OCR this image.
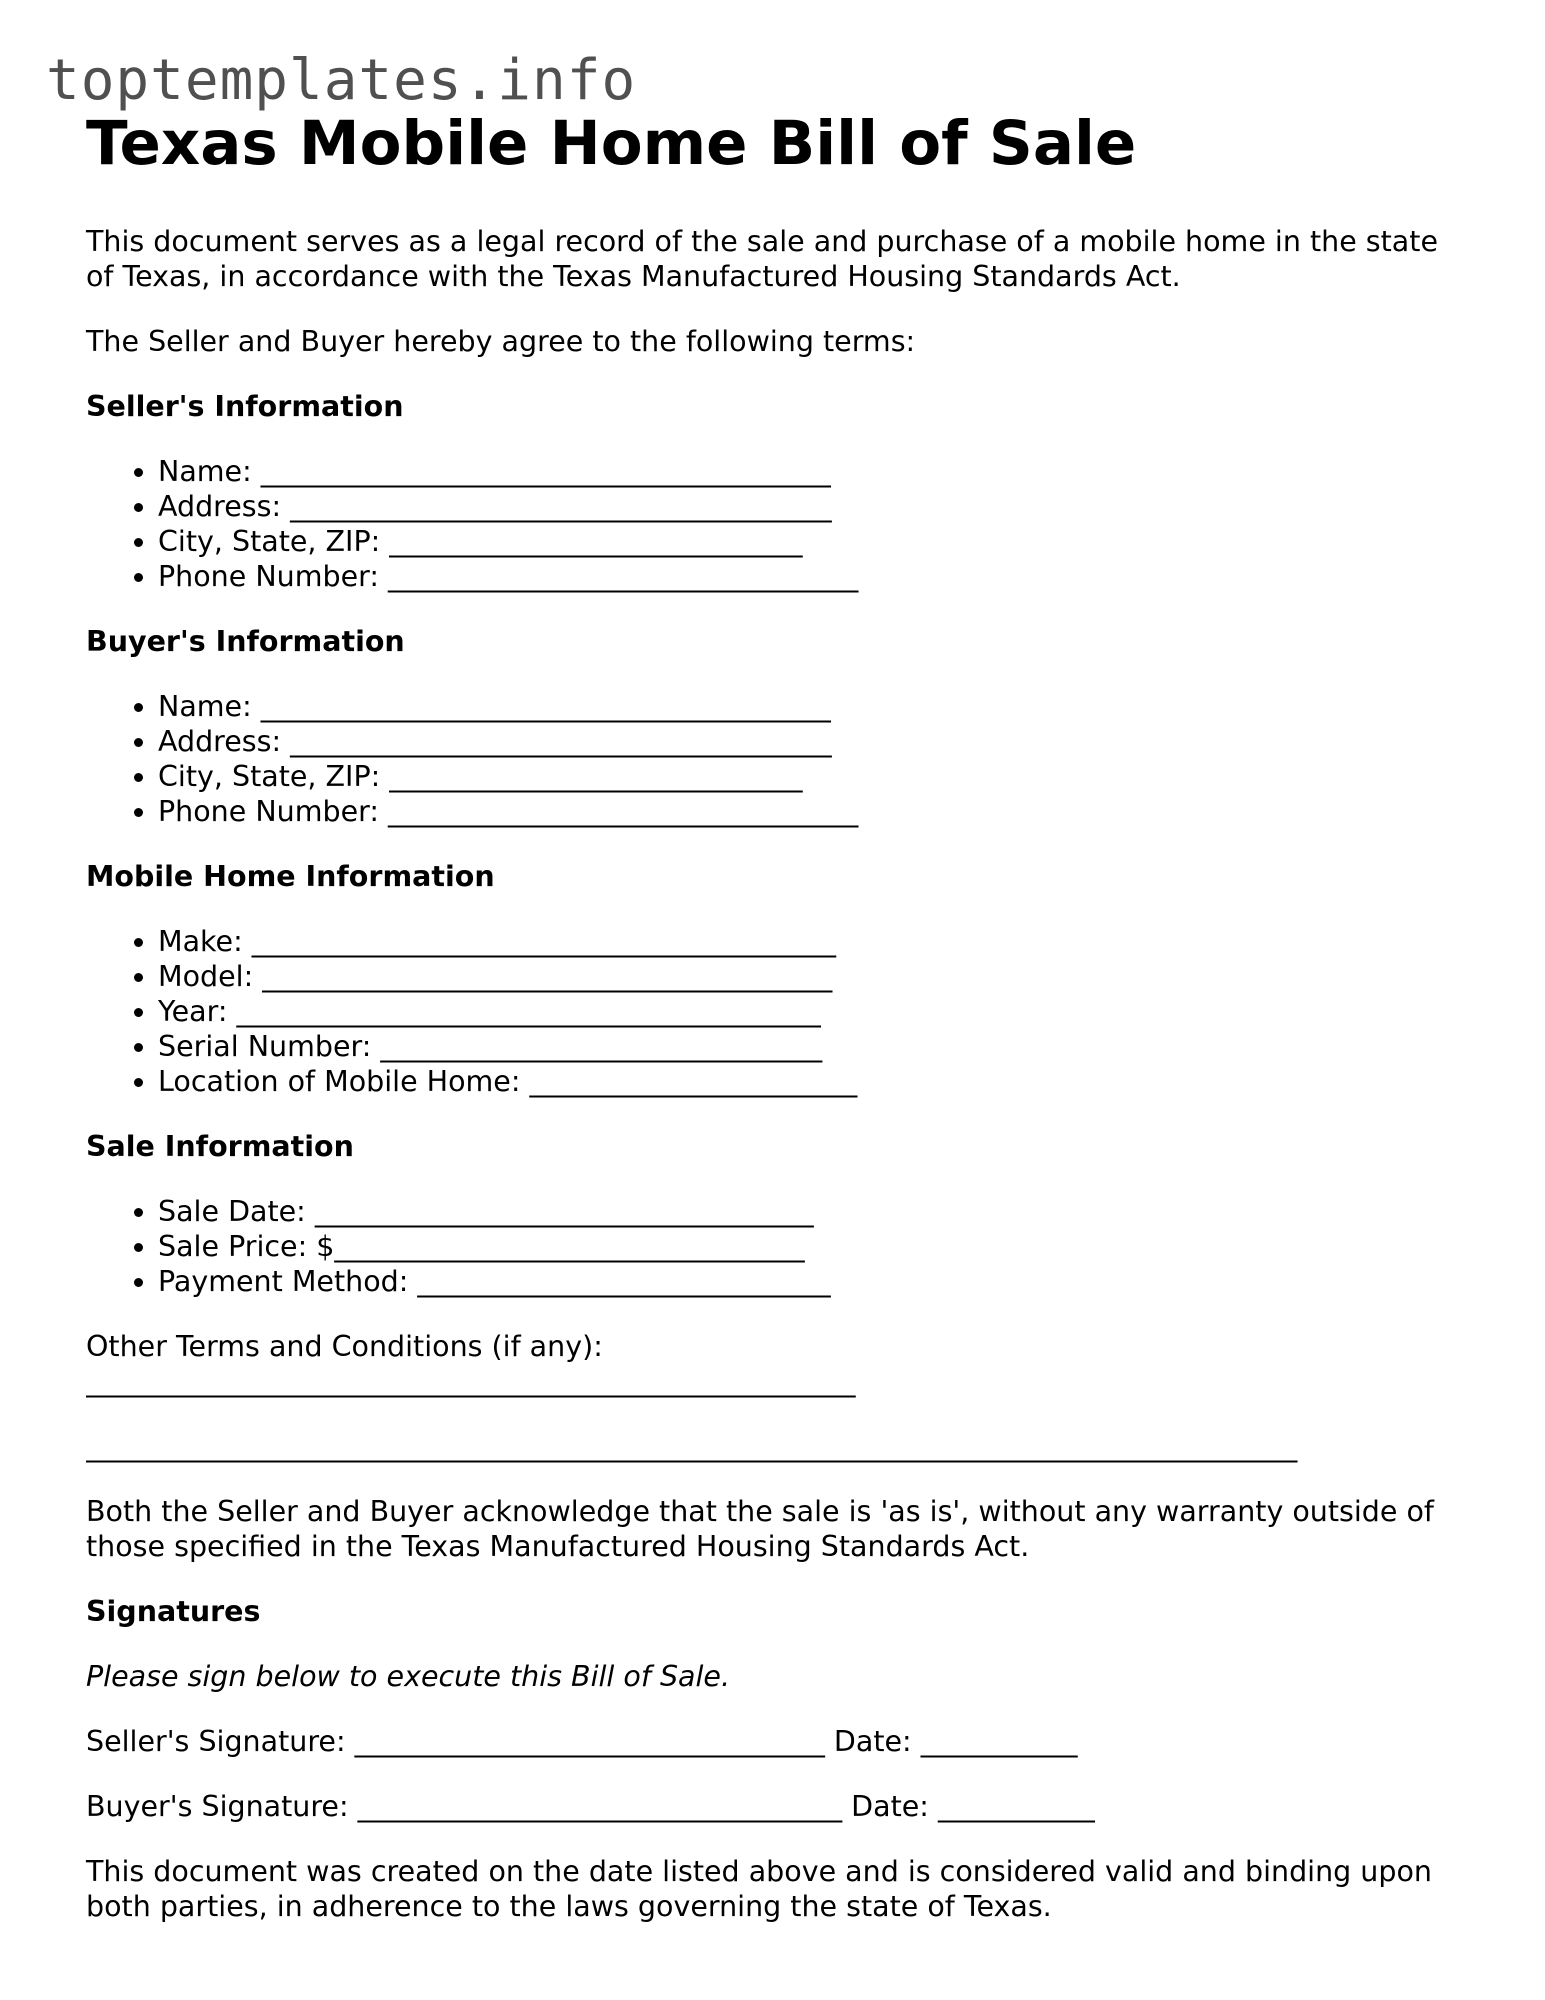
toptemplates.info
Texas Mobile Home Bill of Sale

This document serves as a legal record of the sale and purchase of a mobile home in the state of Texas, in accordance with the Texas Manufactured Housing Standards Act.

The Seller and Buyer hereby agree to the following terms:

Seller's Information
• Name: ________________________________________
• Address: ______________________________________
• City, State, ZIP: _____________________________
• Phone Number: _________________________________
Buyer's Information
• Name: ________________________________________
• Address: ______________________________________
• City, State, ZIP: _____________________________
• Phone Number: _________________________________
Mobile Home Information
• Make: _________________________________________
• Model: ________________________________________
• Year: _________________________________________
• Serial Number: _______________________________
• Location of Mobile Home: _______________________
Sale Information
• Sale Date: ___________________________________
• Sale Price: $_________________________________
• Payment Method: _____________________________

Other Terms and Conditions (if any):

______________________________________________________
_____________________________________________________________________________________

Both the Seller and Buyer acknowledge that the sale is 'as is', without any warranty outside of those specified in the Texas Manufactured Housing Standards Act.

Signatures

Please sign below to execute this Bill of Sale.

Seller's Signature: _________________________________ Date: ___________

Buyer's Signature: __________________________________ Date: ___________

This document was created on the date listed above and is considered valid and binding upon both parties, in adherence to the laws governing the state of Texas.
